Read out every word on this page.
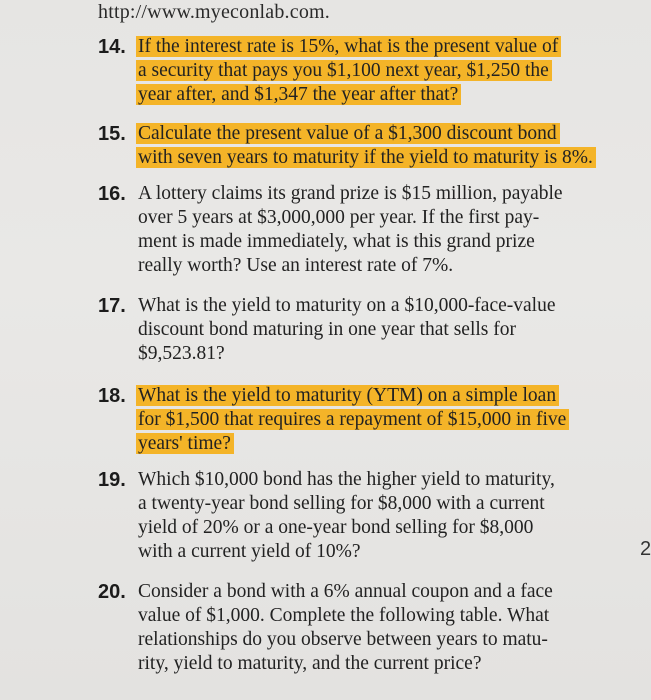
http://www.myeconlab.com.
14. If the interest rate is 15%, what is the present value of
a security that pays you $1,100 next year, $1,250 the
year after, and $1,347 the year after that?
15. Calculate the present value of a $1,300 discount bond
with seven years to maturity if the yield to maturity is 8%.
16. A lottery claims its grand prize is $15 million, payable
over 5 years at $3,000,000 per year. If the first pay-
ment is made immediately, what is this grand prize
really worth? Use an interest rate of 7%.
17. What is the yield to maturity on a $10,000-face-value
discount bond maturing in one year that sells for
$9,523.81?
18. What is the yield to maturity (YTM) on a simple loan
for $1,500 that requires a repayment of $15,000 in five
years' time?
19. Which $10,000 bond has the higher yield to maturity,
a twenty-year bond selling for $8,000 with a current
yield of 20% or a one-year bond selling for $8,000
with a current yield of 10%?
20. Consider a bond with a 6% annual coupon and a face
value of $1,000. Complete the following table. What
relationships do you observe between years to matu-
rity, yield to maturity, and the current price?
2
